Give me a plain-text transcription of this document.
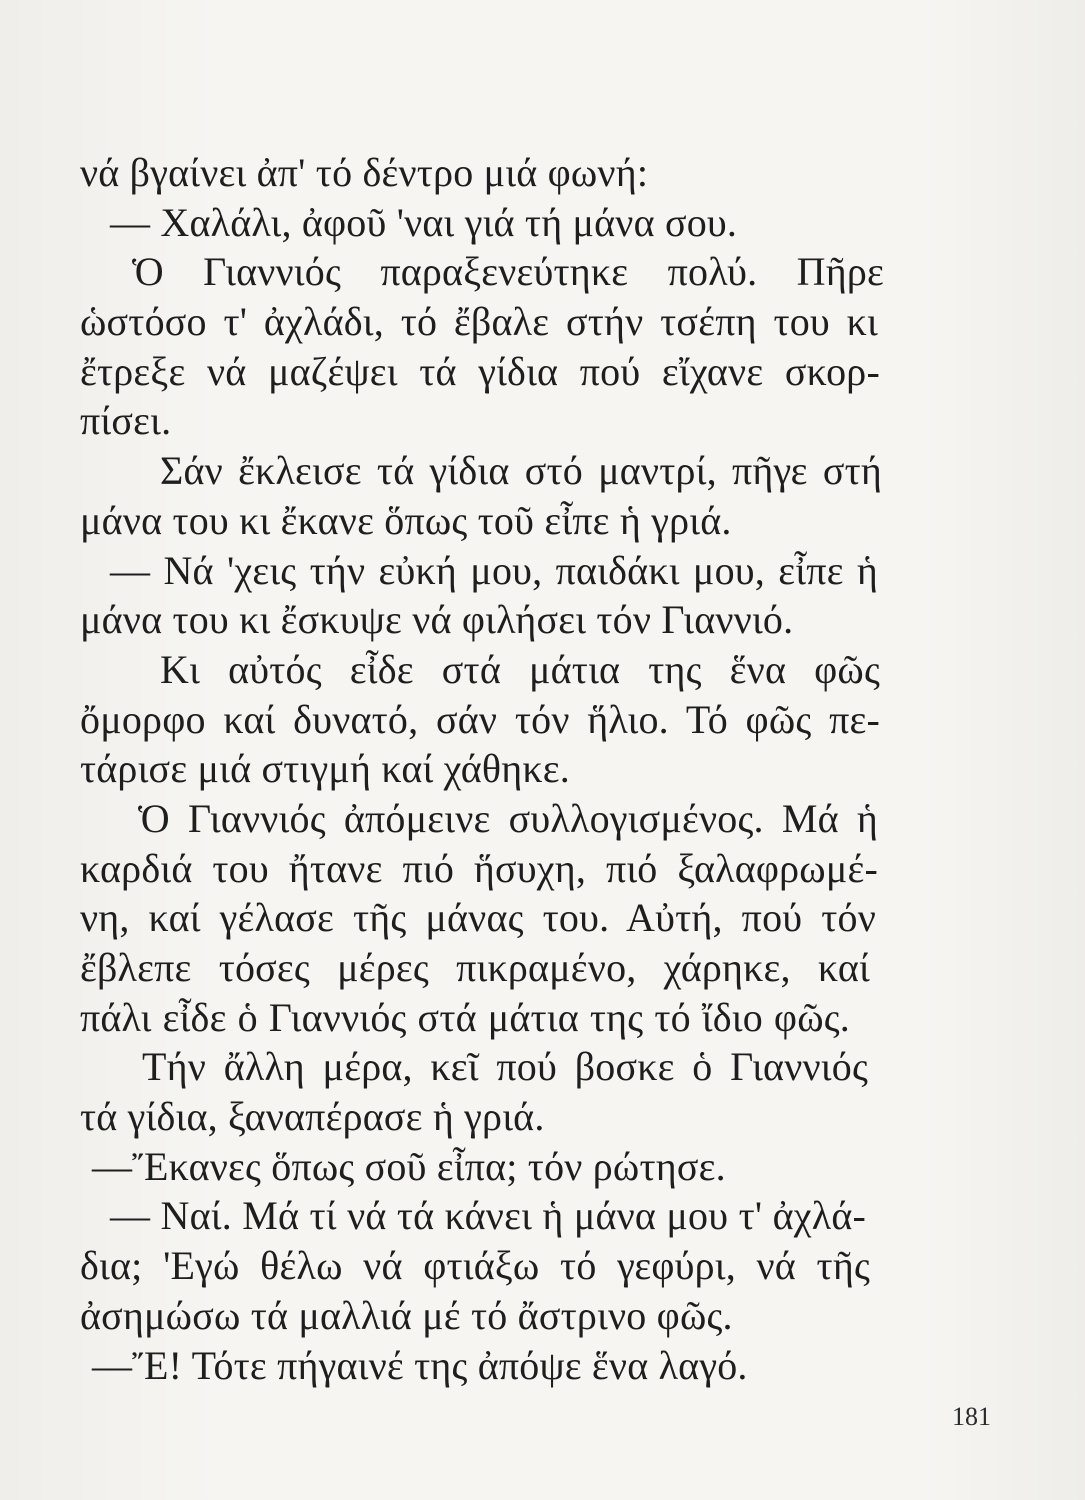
νά βγαίνει ἀπ' τό δέντρο μιά φωνή:
— Χαλάλι, ἀφοῦ 'ναι γιά τή μάνα σου.
Ὁ Γιαννιός παραξενεύτηκε πολύ. Πῆρε
ὡστόσο τ' ἀχλάδι, τό ἔβαλε στήν τσέπη του κι
ἔτρεξε νά μαζέψει τά γίδια πού εἴχανε σκορ-
πίσει.
Σάν ἔκλεισε τά γίδια στό μαντρί, πῆγε στή
μάνα του κι ἔκανε ὅπως τοῦ εἶπε ἡ γριά.
— Νά 'χεις τήν εὐκή μου, παιδάκι μου, εἶπε ἡ
μάνα του κι ἔσκυψε νά φιλήσει τόν Γιαννιό.
Κι αὐτός εἶδε στά μάτια της ἕνα φῶς
ὄμορφο καί δυνατό, σάν τόν ἥλιο. Τό φῶς πε-
τάρισε μιά στιγμή καί χάθηκε.
Ὁ Γιαννιός ἀπόμεινε συλλογισμένος. Μά ἡ
καρδιά του ἤτανε πιό ἥσυχη, πιό ξαλαφρωμέ-
νη, καί γέλασε τῆς μάνας του. Αὐτή, πού τόν
ἔβλεπε τόσες μέρες πικραμένο, χάρηκε, καί
πάλι εἶδε ὁ Γιαννιός στά μάτια της τό ἴδιο φῶς.
Τήν ἄλλη μέρα, κεῖ πού βοσκε ὁ Γιαννιός
τά γίδια, ξαναπέρασε ἡ γριά.
—Ἔκανες ὅπως σοῦ εἶπα; τόν ρώτησε.
— Ναί. Μά τί νά τά κάνει ἡ μάνα μου τ' ἀχλά-
δια; 'Εγώ θέλω νά φτιάξω τό γεφύρι, νά τῆς
ἀσημώσω τά μαλλιά μέ τό ἄστρινο φῶς.
—Ἔ! Τότε πήγαινέ της ἀπόψε ἕνα λαγό.
181
